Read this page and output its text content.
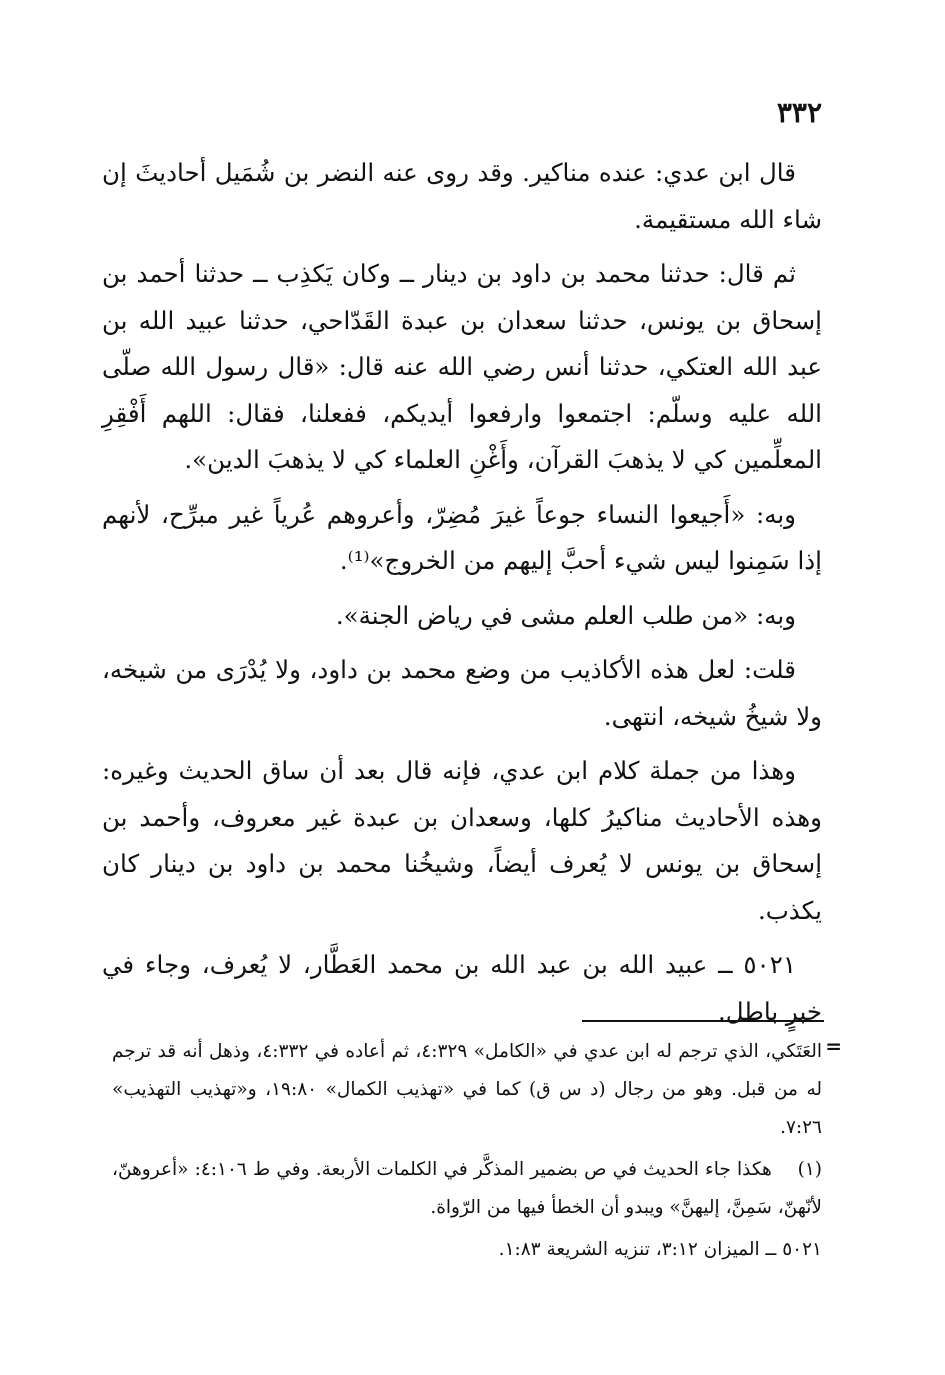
٣٣٢

قال ابن عدي: عنده مناكير. وقد روى عنه النضر بن شُمَيل أحاديثَ إن شاء الله مستقيمة.

ثم قال: حدثنا محمد بن داود بن دينار ــ وكان يَكذِب ــ حدثنا أحمد بن إسحاق بن يونس، حدثنا سعدان بن عبدة القَدّاحي، حدثنا عبيد الله بن عبد الله العتكي، حدثنا أنس رضي الله عنه قال: «قال رسول الله صلّى الله عليه وسلّم: اجتمعوا وارفعوا أيديكم، ففعلنا، فقال: اللهم أَفْقِرِ المعلِّمين كي لا يذهبَ القرآن، وأَغْنِ العلماء كي لا يذهبَ الدين».

وبه: «أَجيعوا النساء جوعاً غيرَ مُضِرّ، وأعروهم عُرياً غير مبرِّح، لأنهم إذا سَمِنوا ليس شيء أحبَّ إليهم من الخروج»⁽¹⁾.

وبه: «من طلب العلم مشى في رياض الجنة».

قلت: لعل هذه الأكاذيب من وضع محمد بن داود، ولا يُدْرَى من شيخه، ولا شيخُ شيخه، انتهى.

وهذا من جملة كلام ابن عدي، فإنه قال بعد أن ساق الحديث وغيره: وهذه الأحاديث مناكيرُ كلها، وسعدان بن عبدة غير معروف، وأحمد بن إسحاق بن يونس لا يُعرف أيضاً، وشيخُنا محمد بن داود بن دينار كان يكذب.

٥٠٢١ ــ عبيد الله بن عبد الله بن محمد العَطَّار، لا يُعرف، وجاء في خبرٍ باطل.

=

العَتَكي، الذي ترجم له ابن عدي في «الكامل» ٤:٣٢٩، ثم أعاده في ٤:٣٣٢، وذهل أنه قد ترجم له من قبل. وهو من رجال (د س ق) كما في «تهذيب الكمال» ١٩:٨٠، و«تهذيب التهذيب» ٧:٢٦.

(١) هكذا جاء الحديث في ص بضمير المذكَّر في الكلمات الأربعة. وفي ط ٤:١٠٦: «أعروهنّ، لأنّهنّ، سَمِنَّ، إليهنَّ» ويبدو أن الخطأ فيها من الرّواة.

٥٠٢١ ــ الميزان ٣:١٢، تنزيه الشريعة ١:٨٣.
